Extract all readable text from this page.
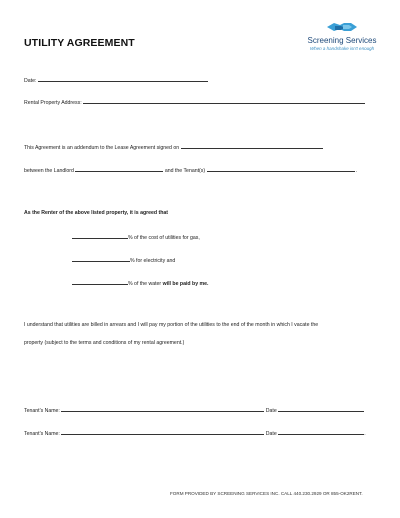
UTILITY AGREEMENT	Screening Services
When a handshake isn't enough
Date:
Rental Property Address:
This Agreement is an addendum to the Lease Agreement signed on
between the Landlord	and the Tenant(s)	.
As the Renter of the above listed property, it is agreed that
% of the cost of utilities for gas,
% for electricity and
% of the water will be paid by me.
I understand that utilities are billed in arrears and I will pay my portion of the utilities to the end of the month in which I vacate the
property (subject to the terms and conditions of my rental agreement.)
Tenant's Name:	Date
Tenant's Name:	Date	.
FORM PROVIDED BY SCREENING SERVICES INC. CALL 440.230.2929 OR 855-OK2RENT.
